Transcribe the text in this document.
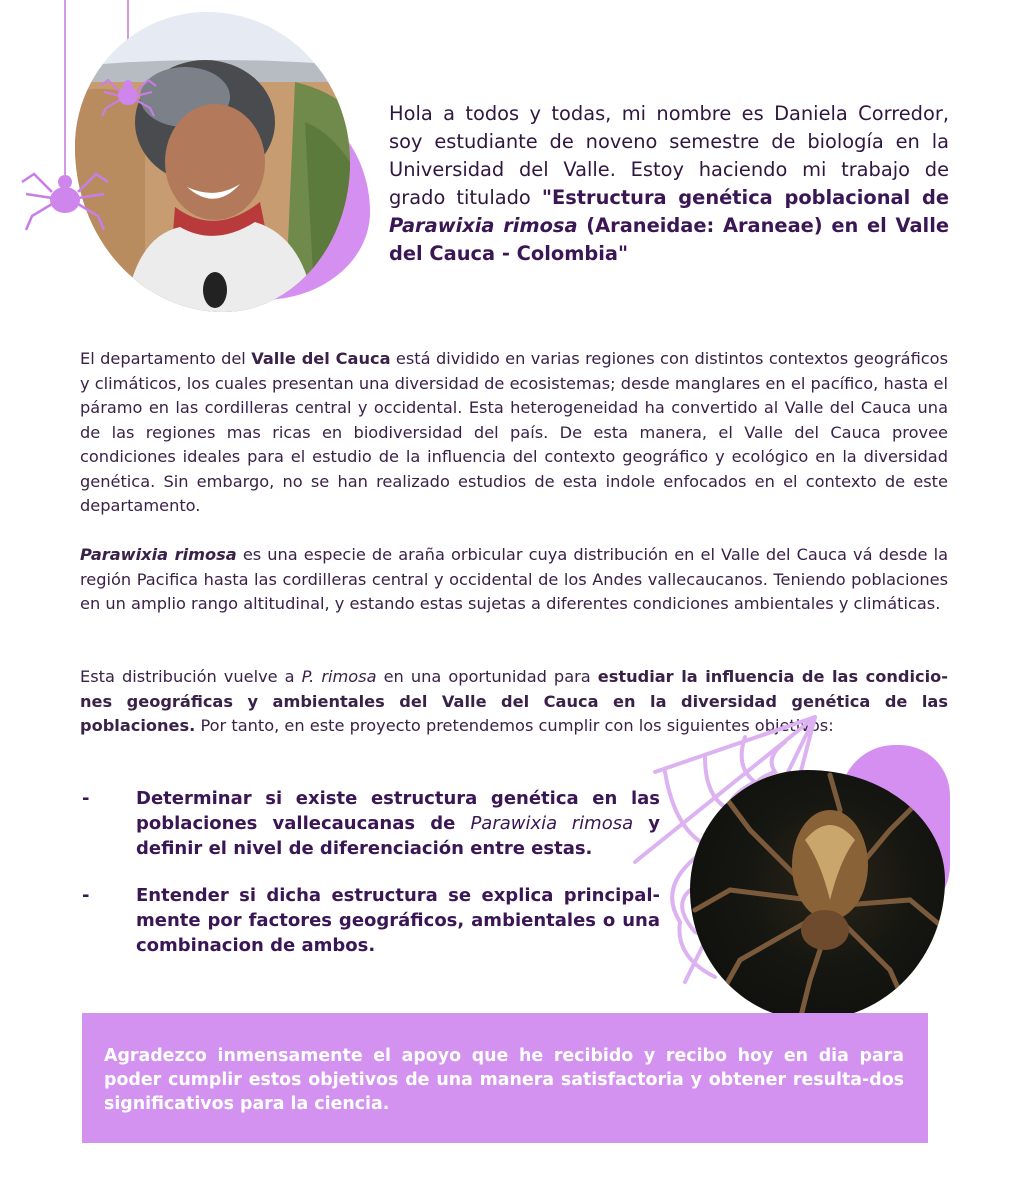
Hola a todos y todas, mi nombre es Daniela Corredor, soy estudiante de noveno semestre de biología en la Universidad del Valle. Estoy haciendo mi trabajo de grado titulado "Estructura genética poblacional de Parawixia rimosa (Araneidae: Araneae) en el Valle del Cauca - Colombia"
El departamento del Valle del Cauca está dividido en varias regiones con distintos contextos geográficos y climáticos, los cuales presentan una diversidad de ecosistemas; desde manglares en el pacífico, hasta el páramo en las cordilleras central y occidental. Esta heterogeneidad ha convertido al Valle del Cauca una de las regiones mas ricas en biodiversidad del país. De esta manera, el Valle del Cauca provee condiciones ideales para el estudio de la influencia del contexto geográfico y ecológico en la diversidad genética. Sin embargo, no se han realizado estudios de esta indole enfocados en el contexto de este departamento.
Parawixia rimosa es una especie de araña orbicular cuya distribución en el Valle del Cauca vá desde la región Pacifica hasta las cordilleras central y occidental de los Andes vallecaucanos. Teniendo poblaciones en un amplio rango altitudinal, y estando estas sujetas a diferentes condiciones ambientales y climáticas.
Esta distribución vuelve a P. rimosa en una oportunidad para estudiar la influencia de las condicio-nes geográficas y ambientales del Valle del Cauca en la diversidad genética de las poblaciones. Por tanto, en este proyecto pretendemos cumplir con los siguientes objetivos:
-	Determinar si existe estructura genética en las poblaciones vallecaucanas de Parawixia rimosa y definir el nivel de diferenciación entre estas.
-	Entender si dicha estructura se explica principal-mente por factores geográficos, ambientales o una combinacion de ambos.
Agradezco inmensamente el apoyo que he recibido y recibo hoy en dia para poder cumplir estos objetivos de una manera satisfactoria y obtener resulta-dos significativos para la ciencia.
